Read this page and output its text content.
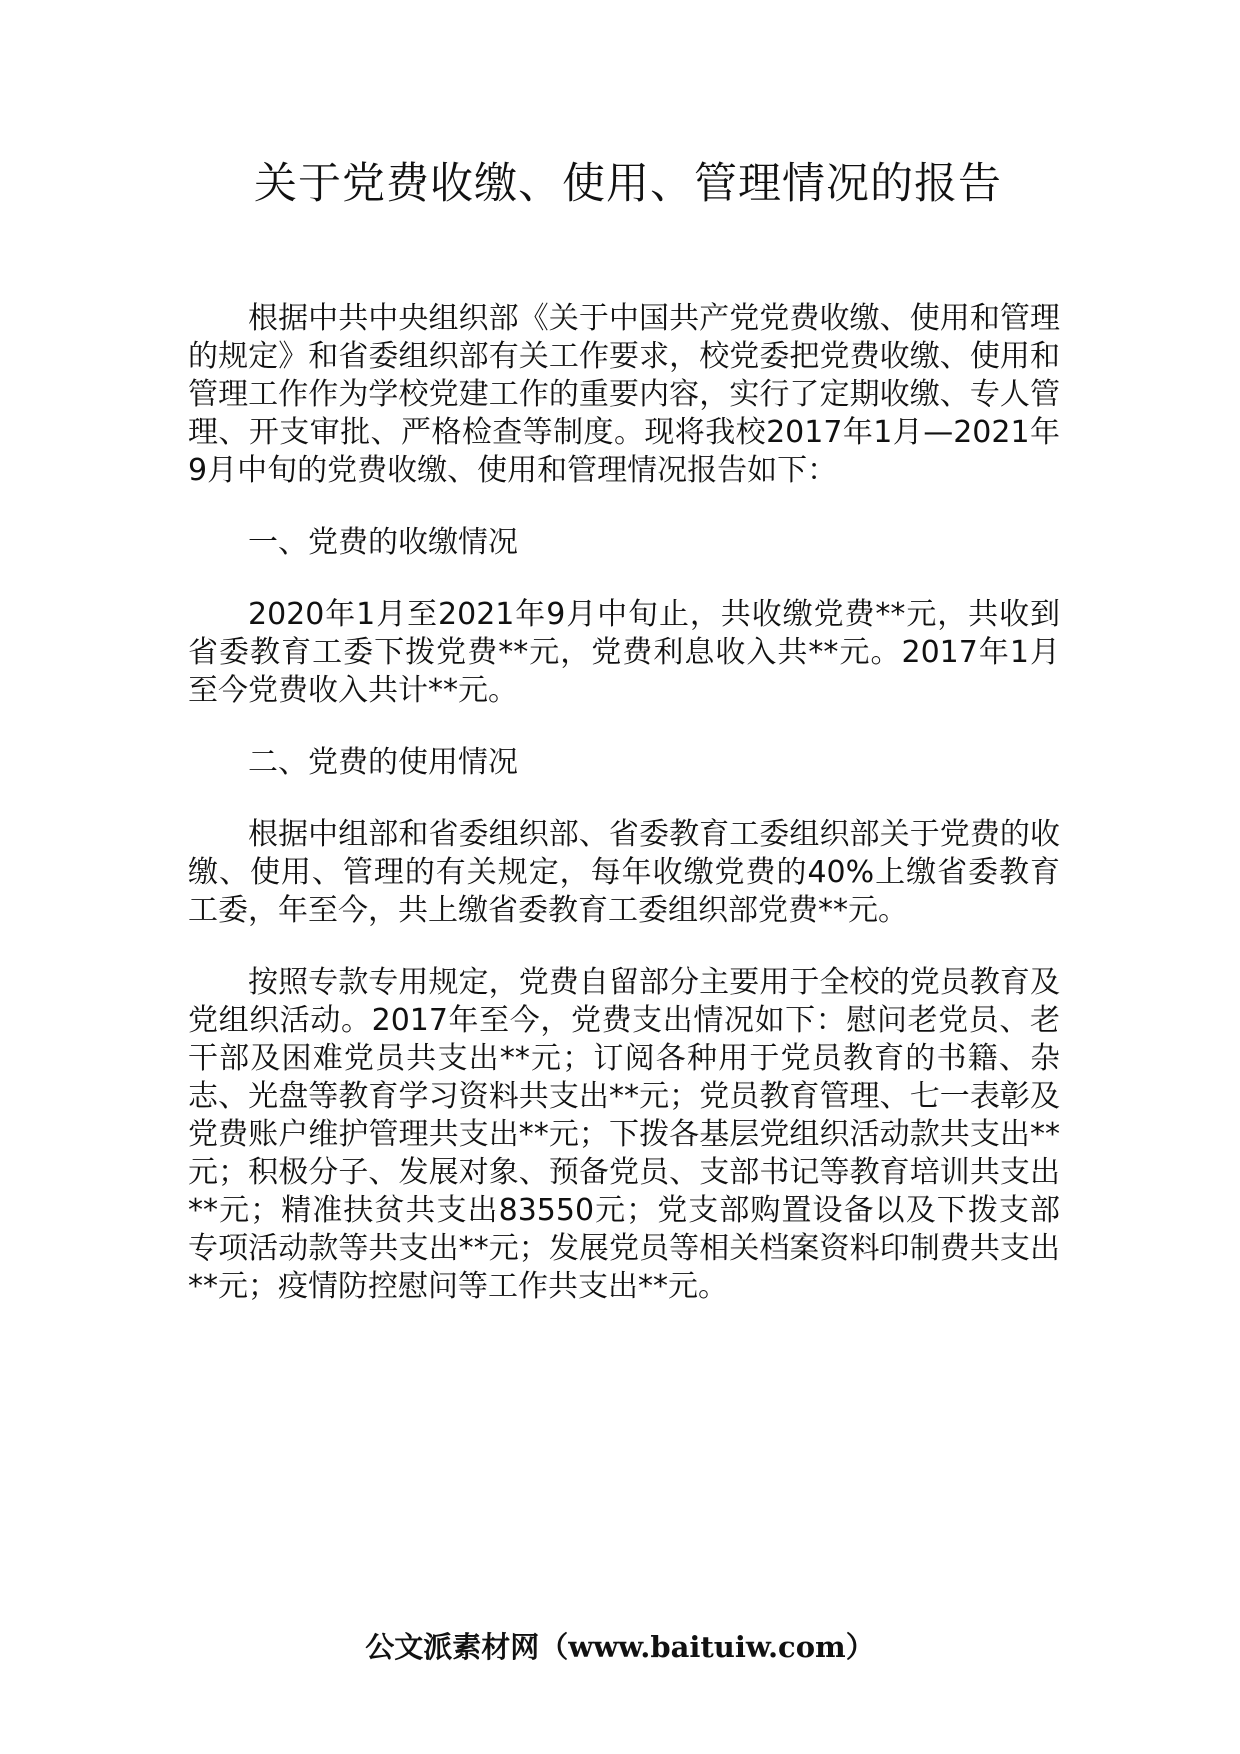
关于党费收缴、使用、管理情况的报告

根据中共中央组织部《关于中国共产党党费收缴、使用和管理的规定》和省委组织部有关工作要求，校党委把党费收缴、使用和管理工作作为学校党建工作的重要内容，实行了定期收缴、专人管理、开支审批、严格检查等制度。现将我校2017年1月—2021年9月中旬的党费收缴、使用和管理情况报告如下：

一、党费的收缴情况

2020年1月至2021年9月中旬止，共收缴党费**元，共收到省委教育工委下拨党费**元，党费利息收入共**元。2017年1月至今党费收入共计**元。

二、党费的使用情况

根据中组部和省委组织部、省委教育工委组织部关于党费的收缴、使用、管理的有关规定，每年收缴党费的40%上缴省委教育工委，年至今，共上缴省委教育工委组织部党费**元。

按照专款专用规定，党费自留部分主要用于全校的党员教育及党组织活动。2017年至今，党费支出情况如下：慰问老党员、老干部及困难党员共支出**元；订阅各种用于党员教育的书籍、杂志、光盘等教育学习资料共支出**元；党员教育管理、七一表彰及党费账户维护管理共支出**元；下拨各基层党组织活动款共支出**元；积极分子、发展对象、预备党员、支部书记等教育培训共支出**元；精准扶贫共支出83550元；党支部购置设备以及下拨支部专项活动款等共支出**元；发展党员等相关档案资料印制费共支出**元；疫情防控慰问等工作共支出**元。

公文派素材网（www.baituiw.com）
